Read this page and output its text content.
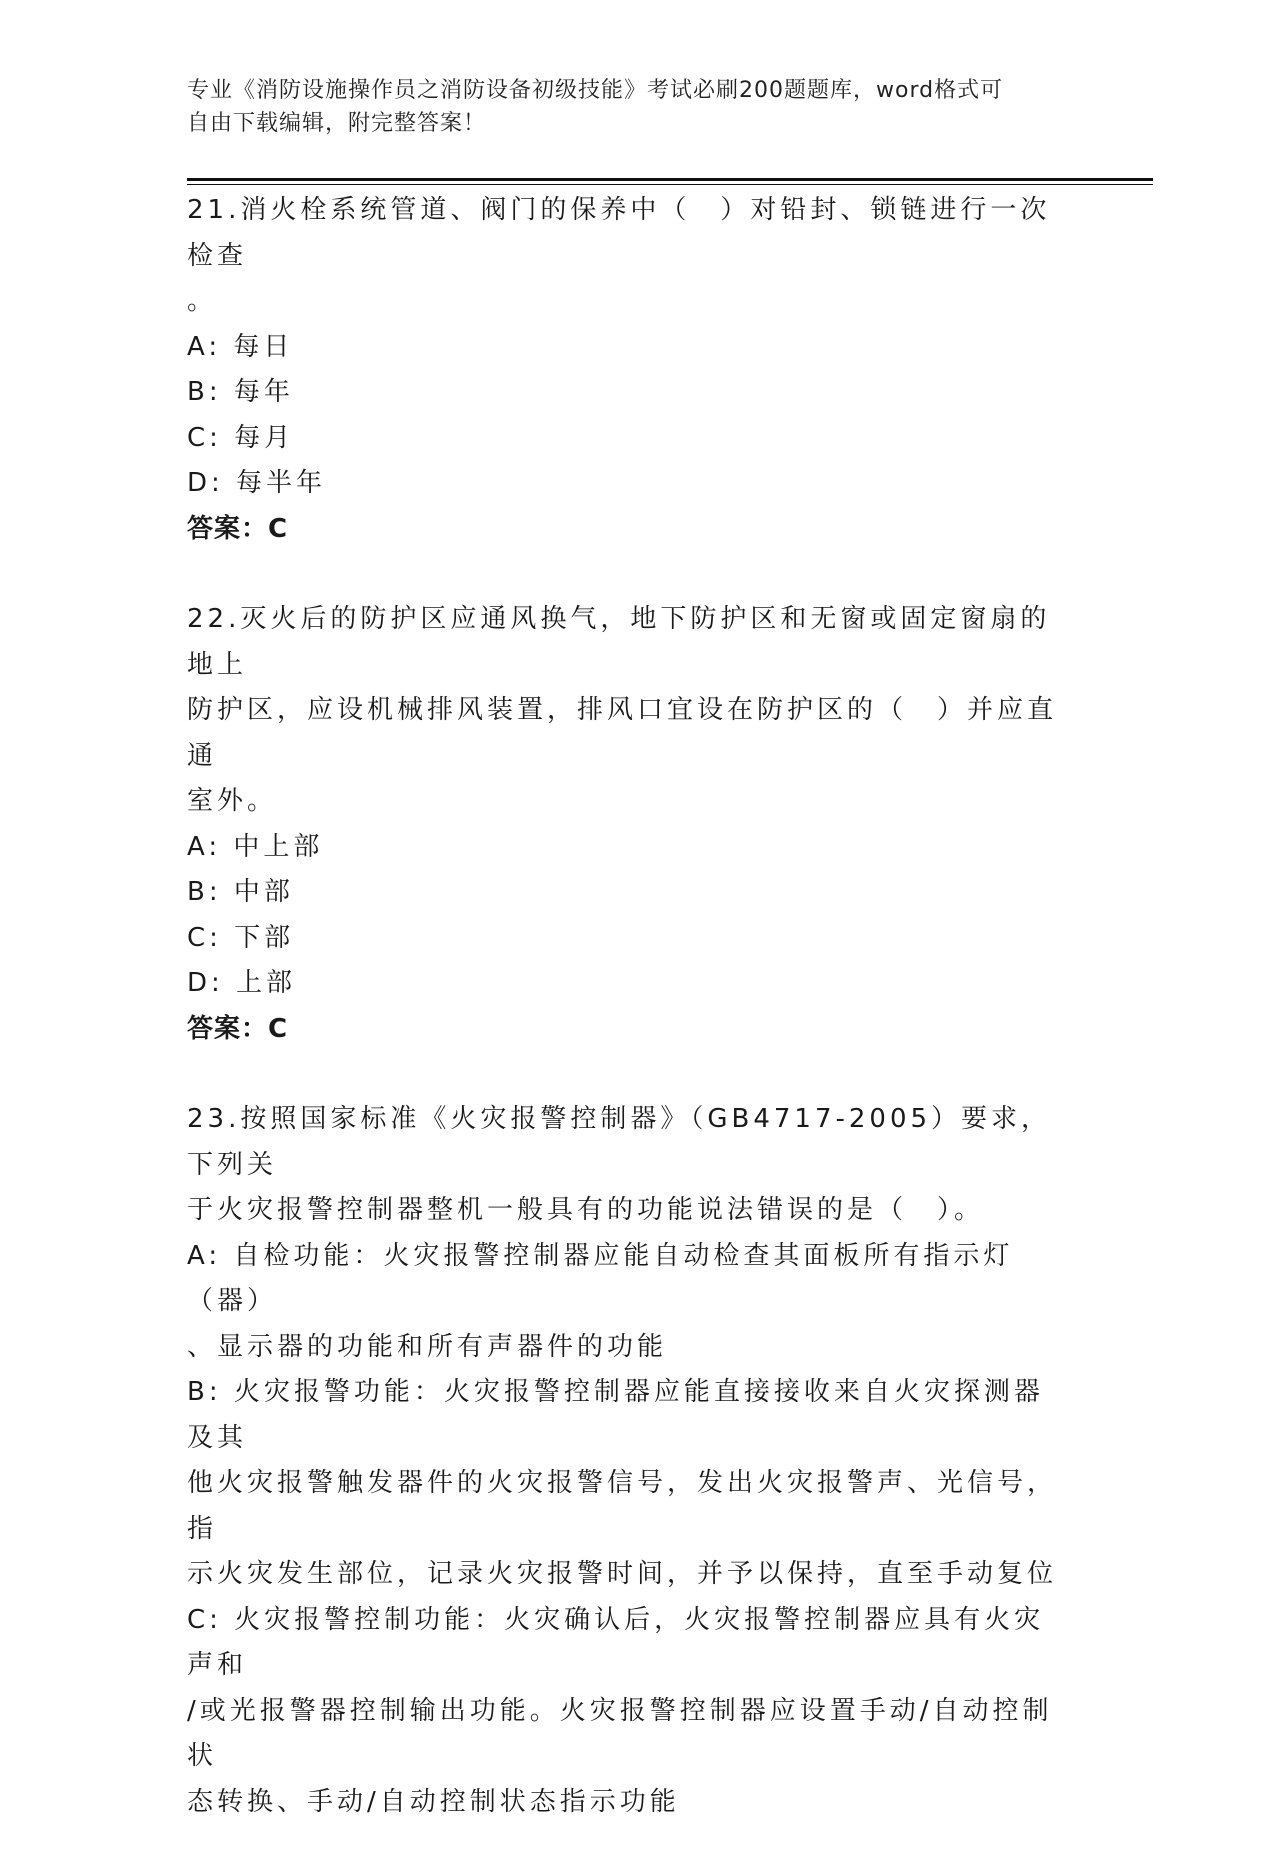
专业《消防设施操作员之消防设备初级技能》考试必刷200题题库，word格式可
自由下载编辑，附完整答案！
21.消火栓系统管道、阀门的保养中（　）对铅封、锁链进行一次检查
。
A: 每日
B: 每年
C: 每月
D: 每半年
答案：C
22.灭火后的防护区应通风换气，地下防护区和无窗或固定窗扇的地上
防护区，应设机械排风装置，排风口宜设在防护区的（　）并应直通
室外。
A: 中上部
B: 中部
C: 下部
D: 上部
答案：C
23.按照国家标准《火灾报警控制器》（GB4717-2005）要求，下列关
于火灾报警控制器整机一般具有的功能说法错误的是（　）。
A: 自检功能：火灾报警控制器应能自动检查其面板所有指示灯（器）
、显示器的功能和所有声器件的功能
B: 火灾报警功能：火灾报警控制器应能直接接收来自火灾探测器及其
他火灾报警触发器件的火灾报警信号，发出火灾报警声、光信号，指
示火灾发生部位，记录火灾报警时间，并予以保持，直至手动复位
C: 火灾报警控制功能：火灾确认后，火灾报警控制器应具有火灾声和
/或光报警器控制输出功能。火灾报警控制器应设置手动/自动控制状
态转换、手动/自动控制状态指示功能
